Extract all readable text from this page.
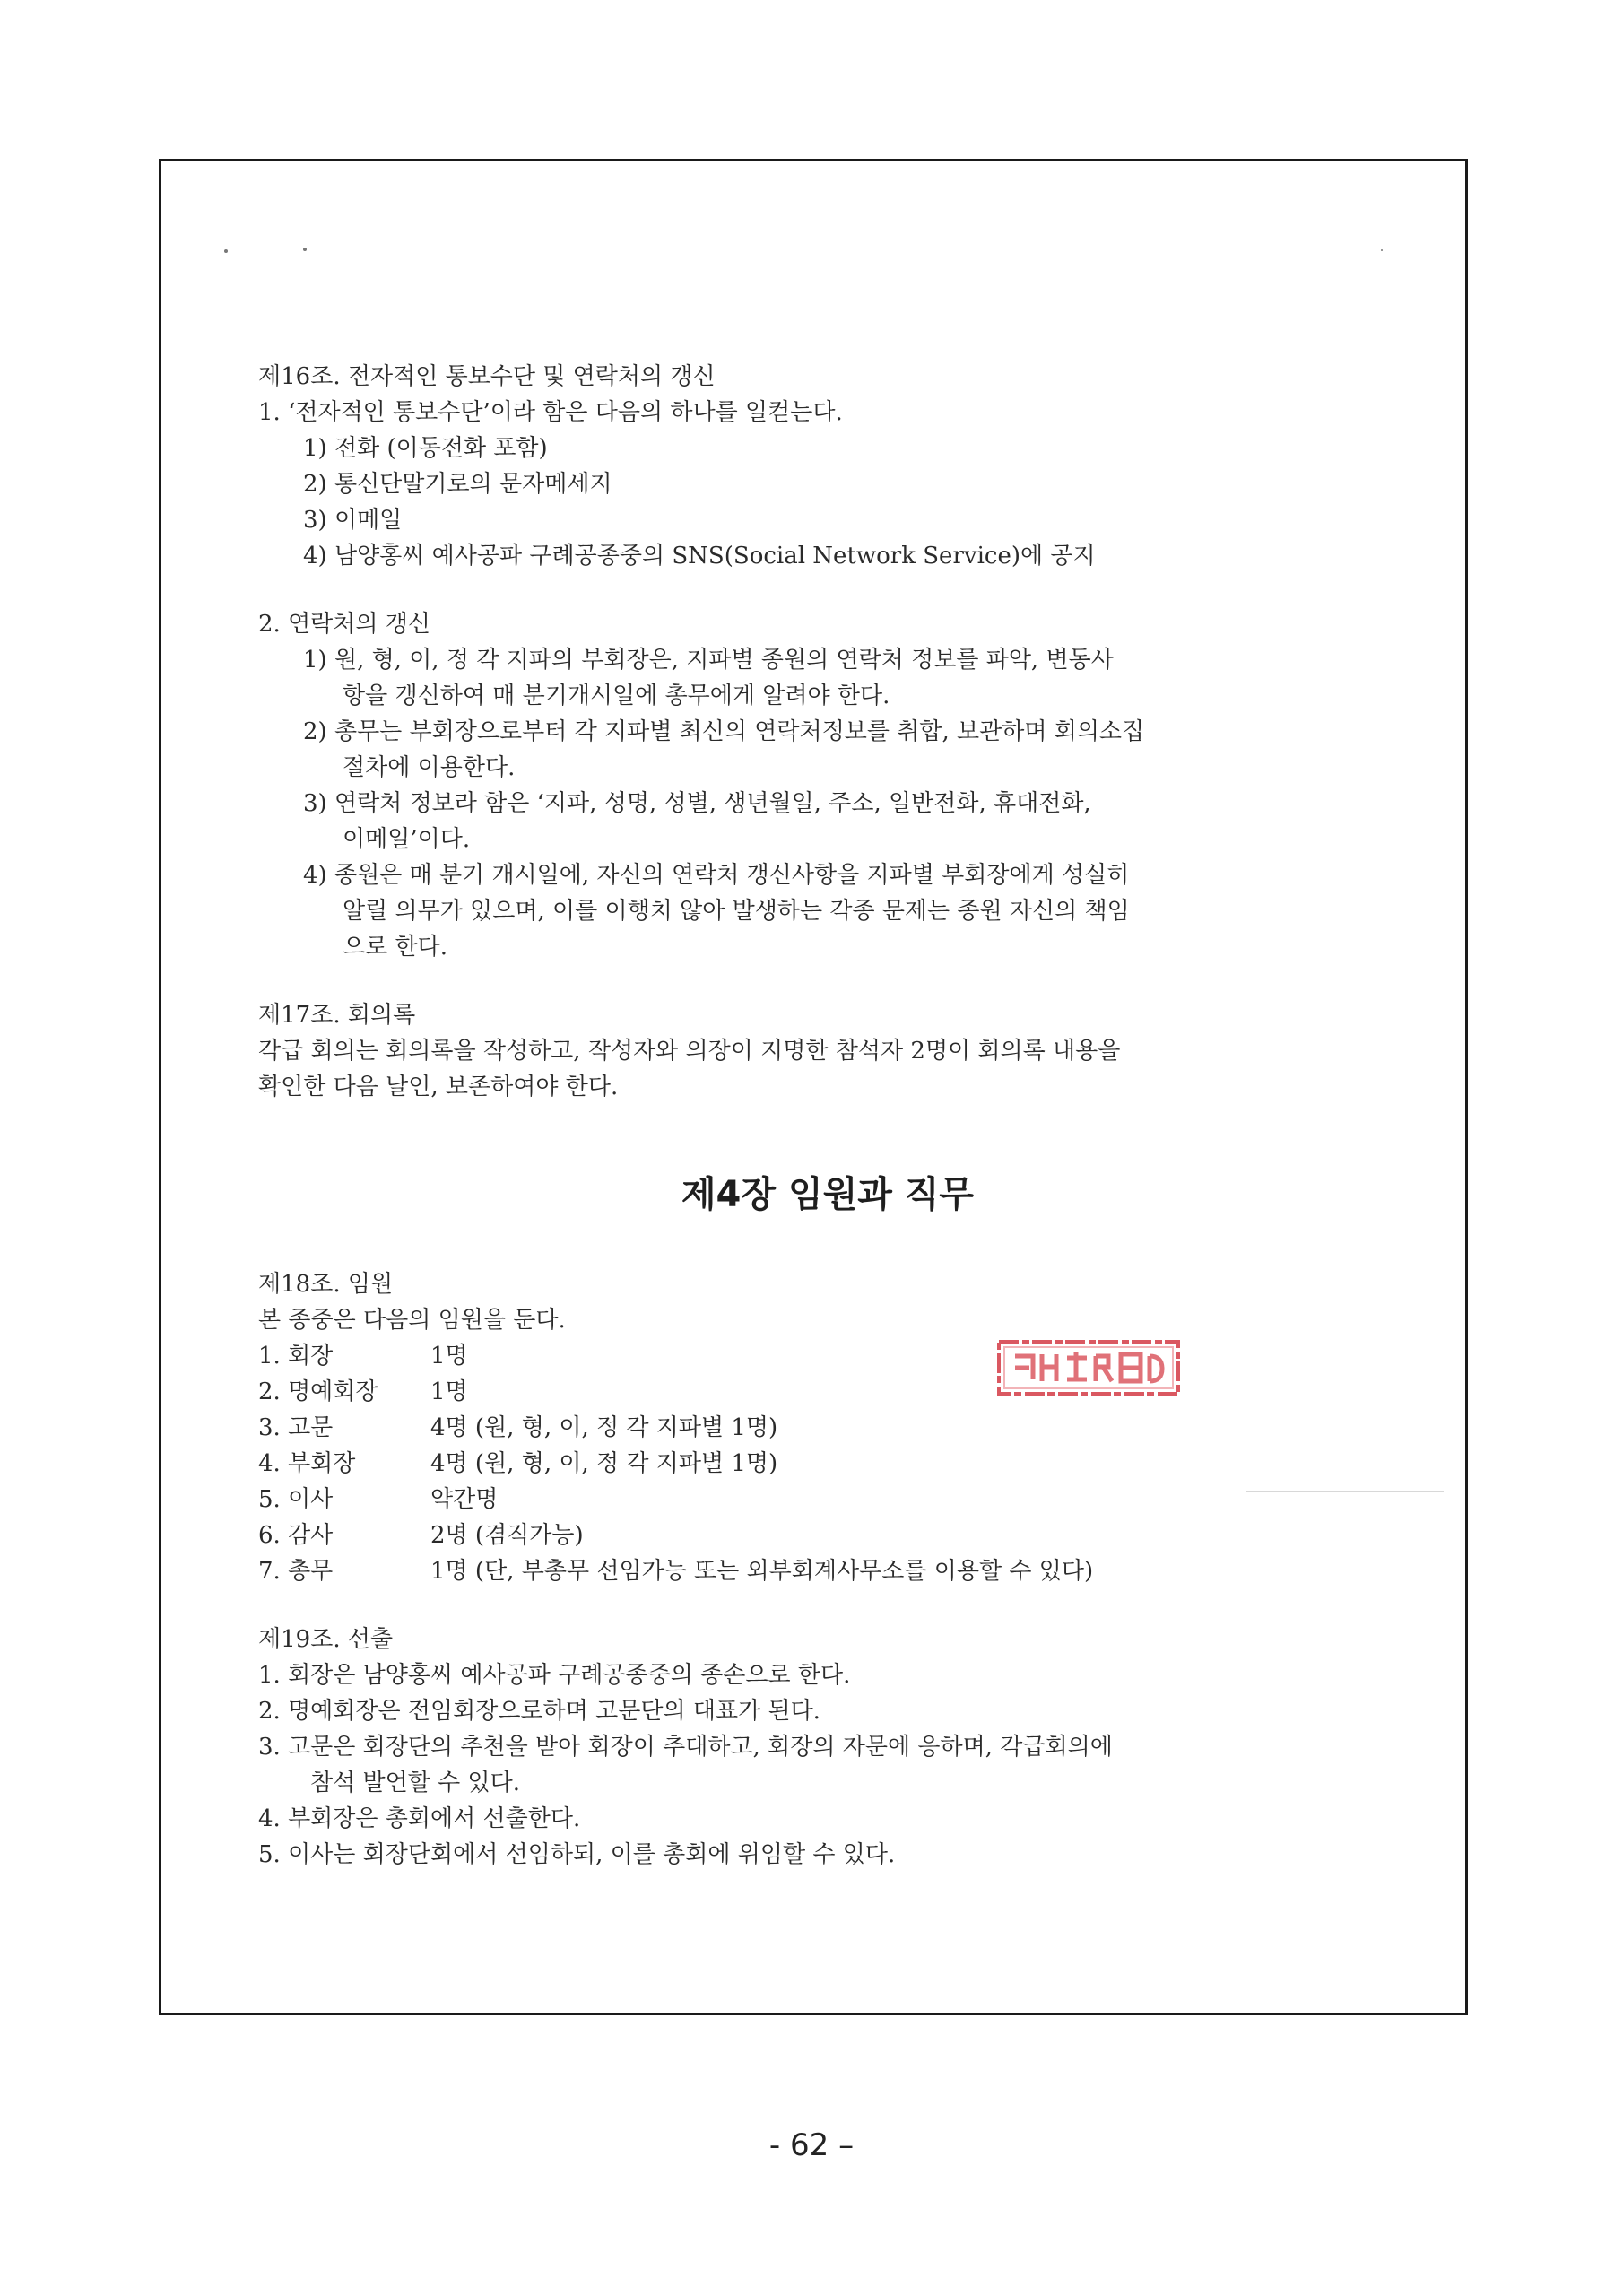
제16조. 전자적인 통보수단 및 연락처의 갱신
1. ‘전자적인 통보수단’이라 함은 다음의 하나를 일컫는다.
1) 전화 (이동전화 포함)
2) 통신단말기로의 문자메세지
3) 이메일
4) 남양홍씨 예사공파 구례공종중의 SNS(Social Network Service)에 공지
2. 연락처의 갱신
1) 원, 형, 이, 정 각 지파의 부회장은, 지파별 종원의 연락처 정보를 파악, 변동사
항을 갱신하여 매 분기개시일에 총무에게 알려야 한다.
2) 총무는 부회장으로부터 각 지파별 최신의 연락처정보를 취합, 보관하며 회의소집
절차에 이용한다.
3) 연락처 정보라 함은 ‘지파, 성명, 성별, 생년월일, 주소, 일반전화, 휴대전화,
이메일’이다.
4) 종원은 매 분기 개시일에, 자신의 연락처 갱신사항을 지파별 부회장에게 성실히
알릴 의무가 있으며, 이를 이행치 않아 발생하는 각종 문제는 종원 자신의 책임
으로 한다.
제17조. 회의록
각급 회의는 회의록을 작성하고, 작성자와 의장이 지명한 참석자 2명이 회의록 내용을
확인한 다음 날인, 보존하여야 한다.
제4장 임원과 직무
제18조. 임원
본 종중은 다음의 임원을 둔다.
1. 회장	1명
2. 명예회장	1명
3. 고문	4명 (원, 형, 이, 정 각 지파별 1명)
4. 부회장	4명 (원, 형, 이, 정 각 지파별 1명)
5. 이사	약간명
6. 감사	2명 (겸직가능)
7. 총무	1명 (단, 부총무 선임가능 또는 외부회계사무소를 이용할 수 있다)
제19조. 선출
1. 회장은 남양홍씨 예사공파 구례공종중의 종손으로 한다.
2. 명예회장은 전임회장으로하며 고문단의 대표가 된다.
3. 고문은 회장단의 추천을 받아 회장이 추대하고, 회장의 자문에 응하며, 각급회의에
참석 발언할 수 있다.
4. 부회장은 총회에서 선출한다.
5. 이사는 회장단회에서 선임하되, 이를 총회에 위임할 수 있다.
- 62 –
